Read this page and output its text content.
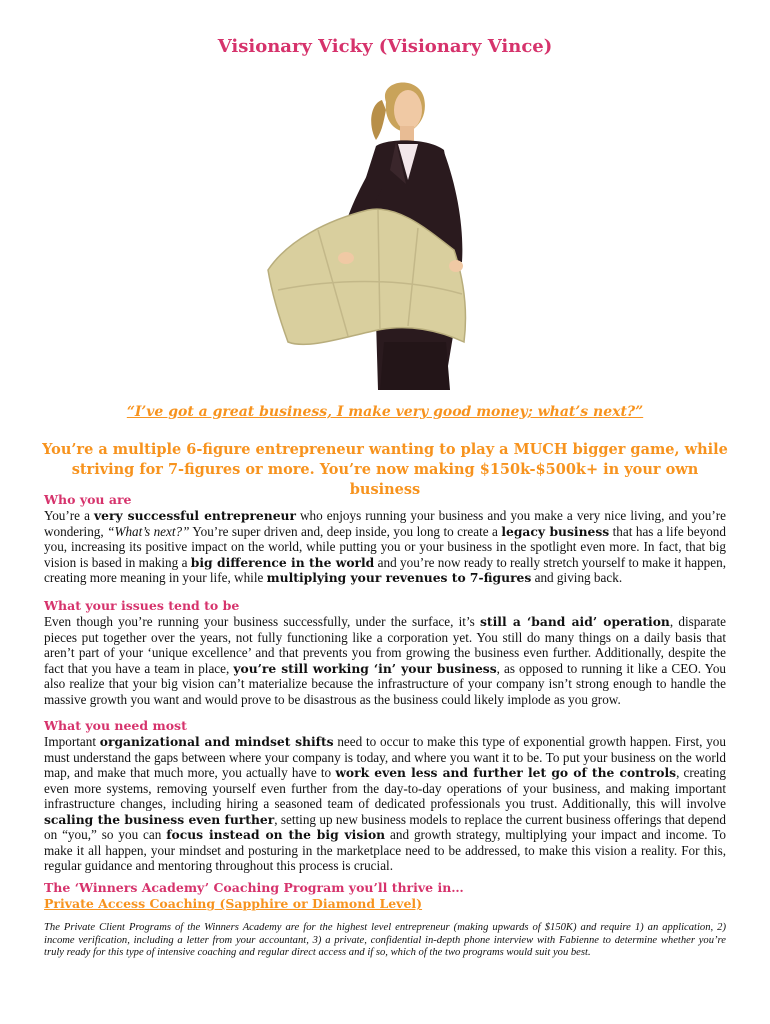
Visionary Vicky (Visionary Vince)
“I’ve got a great business, I make very good money; what’s next?”
You’re a multiple 6-figure entrepreneur wanting to play a MUCH bigger game, while striving for 7-figures or more. You’re now making $150k-$500k+ in your own business
Who you are
You’re a very successful entrepreneur who enjoys running your business and you make a very nice living, and you’re wondering, “What’s next?” You’re super driven and, deep inside, you long to create a legacy business that has a life beyond you, increasing its positive impact on the world, while putting you or your business in the spotlight even more. In fact, that big vision is based in making a big difference in the world and you’re now ready to really stretch yourself to make it happen, creating more meaning in your life, while multiplying your revenues to 7-figures and giving back.
What your issues tend to be
Even though you’re running your business successfully, under the surface, it’s still a ‘band aid’ operation, disparate pieces put together over the years, not fully functioning like a corporation yet. You still do many things on a daily basis that aren’t part of your ‘unique excellence’ and that prevents you from growing the business even further. Additionally, despite the fact that you have a team in place, you’re still working ‘in’ your business, as opposed to running it like a CEO. You also realize that your big vision can’t materialize because the infrastructure of your company isn’t strong enough to handle the massive growth you want and would prove to be disastrous as the business could likely implode as you grow.
What you need most
Important organizational and mindset shifts need to occur to make this type of exponential growth happen. First, you must understand the gaps between where your company is today, and where you want it to be. To put your business on the world map, and make that much more, you actually have to work even less and further let go of the controls, creating even more systems, removing yourself even further from the day-to-day operations of your business, and making important infrastructure changes, including hiring a seasoned team of dedicated professionals you trust. Additionally, this will involve scaling the business even further, setting up new business models to replace the current business offerings that depend on “you,” so you can focus instead on the big vision and growth strategy, multiplying your impact and income. To make it all happen, your mindset and posturing in the marketplace need to be addressed, to make this vision a reality. For this, regular guidance and mentoring throughout this process is crucial.
The ‘Winners Academy’ Coaching Program you’ll thrive in…
Private Access Coaching (Sapphire or Diamond Level)
The Private Client Programs of the Winners Academy are for the highest level entrepreneur (making upwards of $150K) and require 1) an application, 2) income verification, including a letter from your accountant, 3) a private, confidential in-depth phone interview with Fabienne to determine whether you’re truly ready for this type of intensive coaching and regular direct access and if so, which of the two programs would suit you best.
